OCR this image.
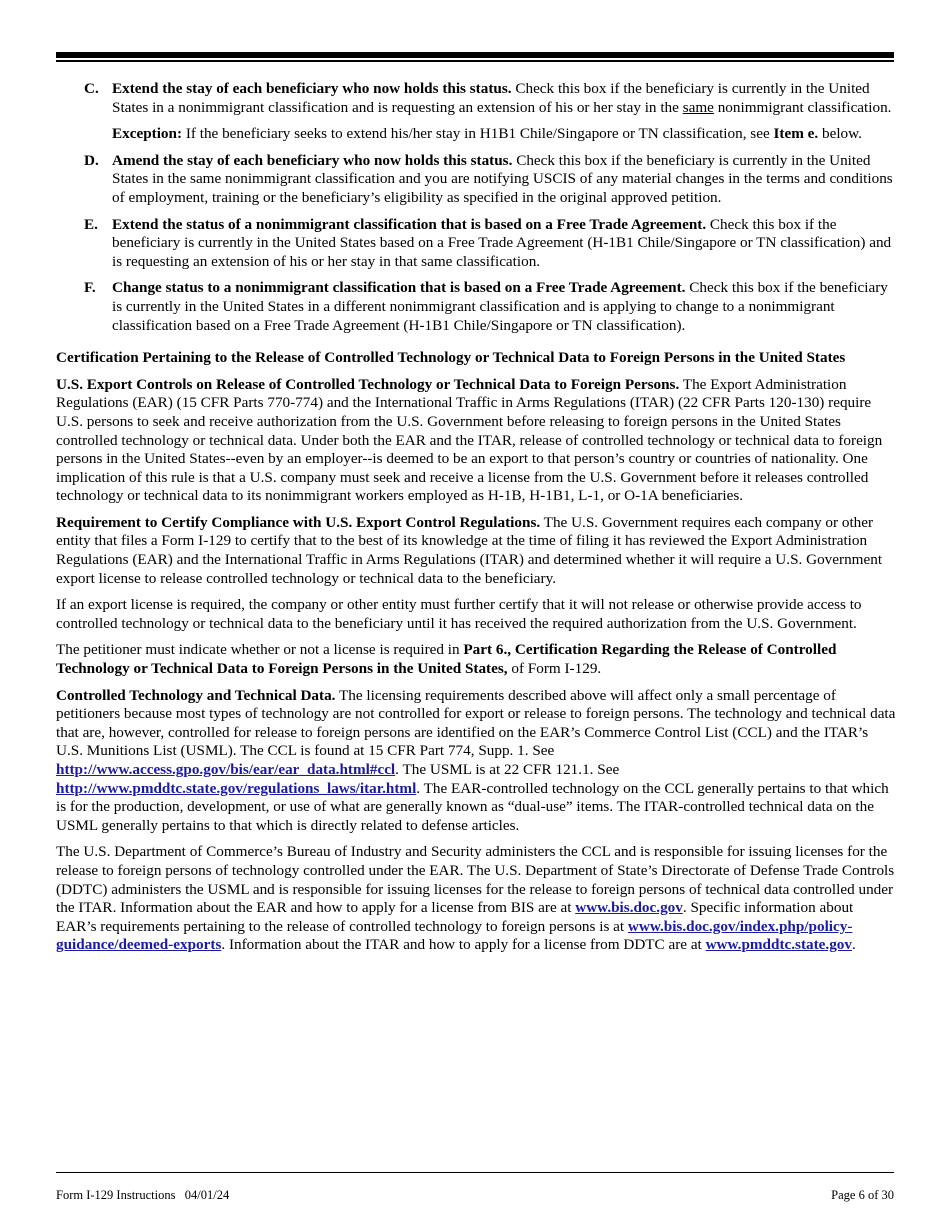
C. Extend the stay of each beneficiary who now holds this status. Check this box if the beneficiary is currently in the United States in a nonimmigrant classification and is requesting an extension of his or her stay in the same nonimmigrant classification.

Exception: If the beneficiary seeks to extend his/her stay in H1B1 Chile/Singapore or TN classification, see Item e. below.

D. Amend the stay of each beneficiary who now holds this status. Check this box if the beneficiary is currently in the United States in the same nonimmigrant classification and you are notifying USCIS of any material changes in the terms and conditions of employment, training or the beneficiary’s eligibility as specified in the original approved petition.

E. Extend the status of a nonimmigrant classification that is based on a Free Trade Agreement. Check this box if the beneficiary is currently in the United States based on a Free Trade Agreement (H-1B1 Chile/Singapore or TN classification) and is requesting an extension of his or her stay in that same classification.

F. Change status to a nonimmigrant classification that is based on a Free Trade Agreement. Check this box if the beneficiary is currently in the United States in a different nonimmigrant classification and is applying to change to a nonimmigrant classification based on a Free Trade Agreement (H-1B1 Chile/Singapore or TN classification).

Certification Pertaining to the Release of Controlled Technology or Technical Data to Foreign Persons in the United States

U.S. Export Controls on Release of Controlled Technology or Technical Data to Foreign Persons. The Export Administration Regulations (EAR) (15 CFR Parts 770-774) and the International Traffic in Arms Regulations (ITAR) (22 CFR Parts 120-130) require U.S. persons to seek and receive authorization from the U.S. Government before releasing to foreign persons in the United States controlled technology or technical data. Under both the EAR and the ITAR, release of controlled technology or technical data to foreign persons in the United States--even by an employer--is deemed to be an export to that person’s country or countries of nationality. One implication of this rule is that a U.S. company must seek and receive a license from the U.S. Government before it releases controlled technology or technical data to its nonimmigrant workers employed as H-1B, H-1B1, L-1, or O-1A beneficiaries.

Requirement to Certify Compliance with U.S. Export Control Regulations. The U.S. Government requires each company or other entity that files a Form I-129 to certify that to the best of its knowledge at the time of filing it has reviewed the Export Administration Regulations (EAR) and the International Traffic in Arms Regulations (ITAR) and determined whether it will require a U.S. Government export license to release controlled technology or technical data to the beneficiary.

If an export license is required, the company or other entity must further certify that it will not release or otherwise provide access to controlled technology or technical data to the beneficiary until it has received the required authorization from the U.S. Government.

The petitioner must indicate whether or not a license is required in Part 6., Certification Regarding the Release of Controlled Technology or Technical Data to Foreign Persons in the United States, of Form I-129.

Controlled Technology and Technical Data. The licensing requirements described above will affect only a small percentage of petitioners because most types of technology are not controlled for export or release to foreign persons. The technology and technical data that are, however, controlled for release to foreign persons are identified on the EAR’s Commerce Control List (CCL) and the ITAR’s U.S. Munitions List (USML). The CCL is found at 15 CFR Part 774, Supp. 1. See http://www.access.gpo.gov/bis/ear/ear_data.html#ccl. The USML is at 22 CFR 121.1. See http://www.pmddtc.state.gov/regulations_laws/itar.html. The EAR-controlled technology on the CCL generally pertains to that which is for the production, development, or use of what are generally known as “dual-use” items. The ITAR-controlled technical data on the USML generally pertains to that which is directly related to defense articles.

The U.S. Department of Commerce’s Bureau of Industry and Security administers the CCL and is responsible for issuing licenses for the release to foreign persons of technology controlled under the EAR. The U.S. Department of State’s Directorate of Defense Trade Controls (DDTC) administers the USML and is responsible for issuing licenses for the release to foreign persons of technical data controlled under the ITAR. Information about the EAR and how to apply for a license from BIS are at www.bis.doc.gov. Specific information about EAR’s requirements pertaining to the release of controlled technology to foreign persons is at www.bis.doc.gov/index.php/policy-guidance/deemed-exports. Information about the ITAR and how to apply for a license from DDTC are at www.pmddtc.state.gov.

Form I-129 Instructions   04/01/24	Page 6 of 30
